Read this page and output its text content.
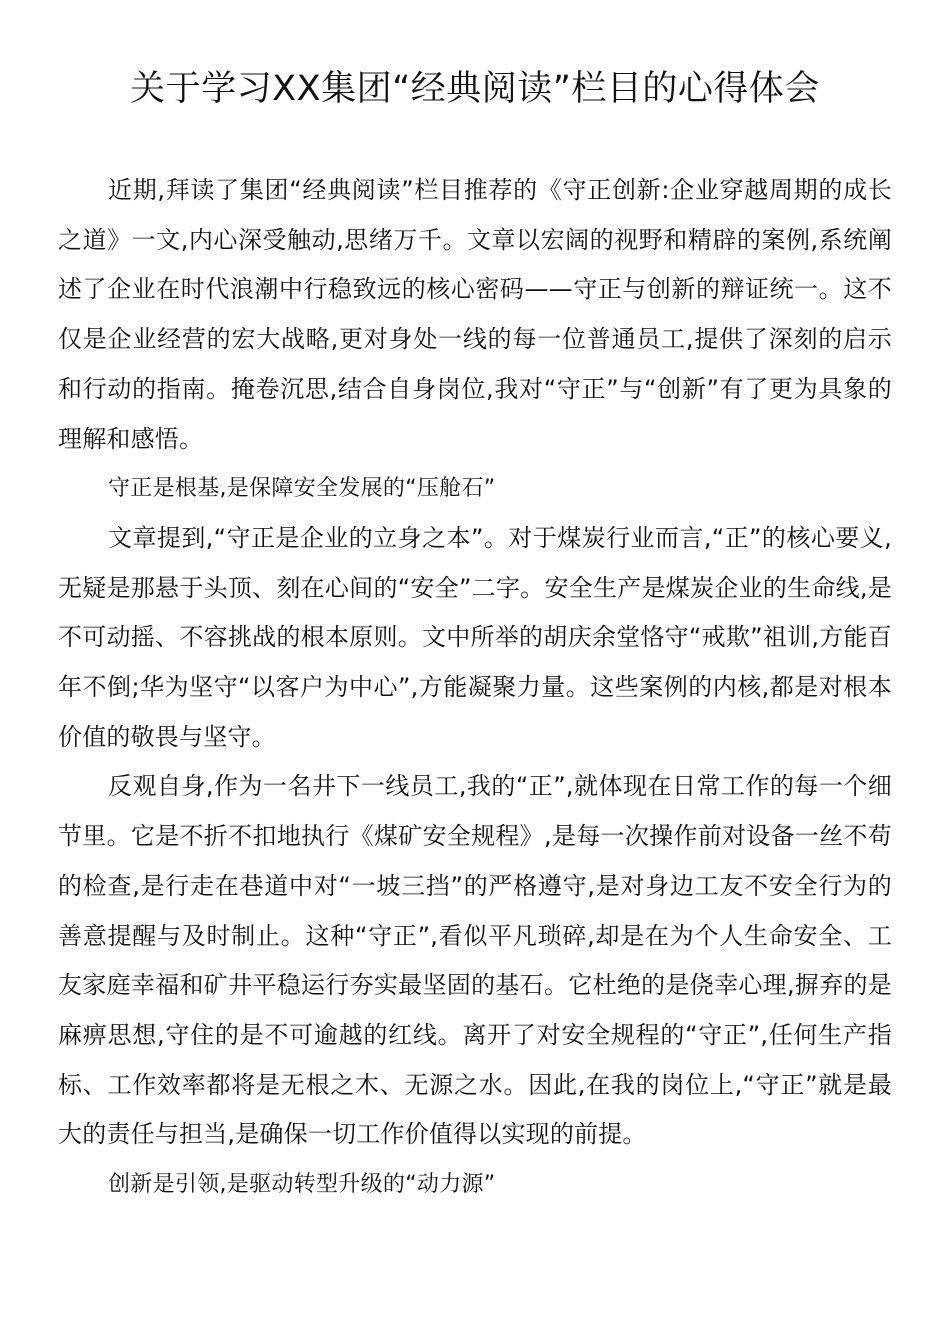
关于学习XX集团“经典阅读”栏目的心得体会

近期,拜读了集团“经典阅读”栏目推荐的《守正创新:企业穿越周期的成长之道》一文,内心深受触动,思绪万千。文章以宏阔的视野和精辟的案例,系统阐述了企业在时代浪潮中行稳致远的核心密码——守正与创新的辩证统一。这不仅是企业经营的宏大战略,更对身处一线的每一位普通员工,提供了深刻的启示和行动的指南。掩卷沉思,结合自身岗位,我对“守正”与“创新”有了更为具象的理解和感悟。

守正是根基,是保障安全发展的“压舱石”

文章提到,“守正是企业的立身之本”。对于煤炭行业而言,“正”的核心要义,无疑是那悬于头顶、刻在心间的“安全”二字。安全生产是煤炭企业的生命线,是不可动摇、不容挑战的根本原则。文中所举的胡庆余堂恪守“戒欺”祖训,方能百年不倒;华为坚守“以客户为中心”,方能凝聚力量。这些案例的内核,都是对根本价值的敬畏与坚守。

反观自身,作为一名井下一线员工,我的“正”,就体现在日常工作的每一个细节里。它是不折不扣地执行《煤矿安全规程》,是每一次操作前对设备一丝不苟的检查,是行走在巷道中对“一坡三挡”的严格遵守,是对身边工友不安全行为的善意提醒与及时制止。这种“守正”,看似平凡琐碎,却是在为个人生命安全、工友家庭幸福和矿井平稳运行夯实最坚固的基石。它杜绝的是侥幸心理,摒弃的是麻痹思想,守住的是不可逾越的红线。离开了对安全规程的“守正”,任何生产指标、工作效率都将是无根之木、无源之水。因此,在我的岗位上,“守正”就是最大的责任与担当,是确保一切工作价值得以实现的前提。

创新是引领,是驱动转型升级的“动力源”
